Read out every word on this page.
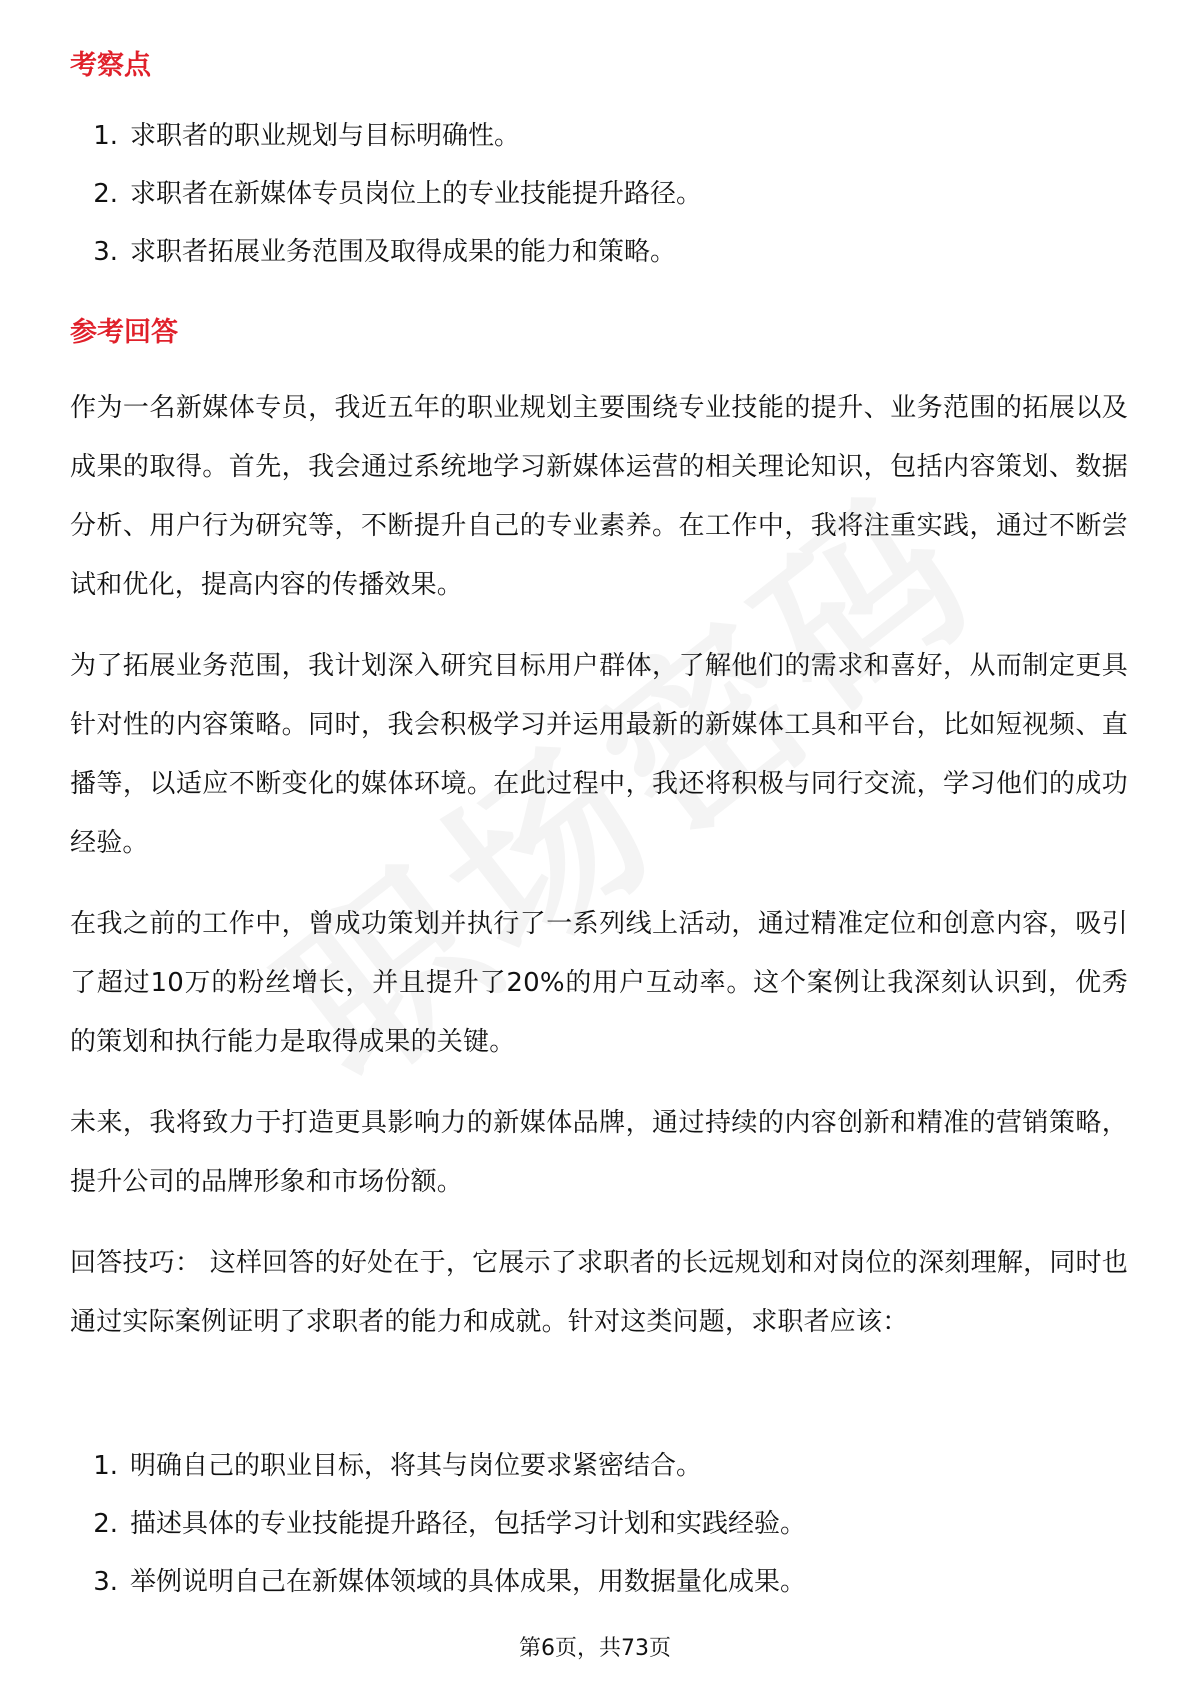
考察点
1. 求职者的职业规划与目标明确性。
2. 求职者在新媒体专员岗位上的专业技能提升路径。
3. 求职者拓展业务范围及取得成果的能力和策略。
参考回答

作为一名新媒体专员，我近五年的职业规划主要围绕专业技能的提升、业务范围的拓展以及成果的取得。首先，我会通过系统地学习新媒体运营的相关理论知识，包括内容策划、数据分析、用户行为研究等，不断提升自己的专业素养。在工作中，我将注重实践，通过不断尝试和优化，提高内容的传播效果。

为了拓展业务范围，我计划深入研究目标用户群体，了解他们的需求和喜好，从而制定更具针对性的内容策略。同时，我会积极学习并运用最新的新媒体工具和平台，比如短视频、直播等，以适应不断变化的媒体环境。在此过程中，我还将积极与同行交流，学习他们的成功经验。

在我之前的工作中，曾成功策划并执行了一系列线上活动，通过精准定位和创意内容，吸引了超过10万的粉丝增长，并且提升了20%的用户互动率。这个案例让我深刻认识到，优秀的策划和执行能力是取得成果的关键。

未来，我将致力于打造更具影响力的新媒体品牌，通过持续的内容创新和精准的营销策略，提升公司的品牌形象和市场份额。

回答技巧： 这样回答的好处在于，它展示了求职者的长远规划和对岗位的深刻理解，同时也通过实际案例证明了求职者的能力和成就。针对这类问题，求职者应该：

1. 明确自己的职业目标，将其与岗位要求紧密结合。
2. 描述具体的专业技能提升路径，包括学习计划和实践经验。
3. 举例说明自己在新媒体领域的具体成果，用数据量化成果。
第6页，共73页
